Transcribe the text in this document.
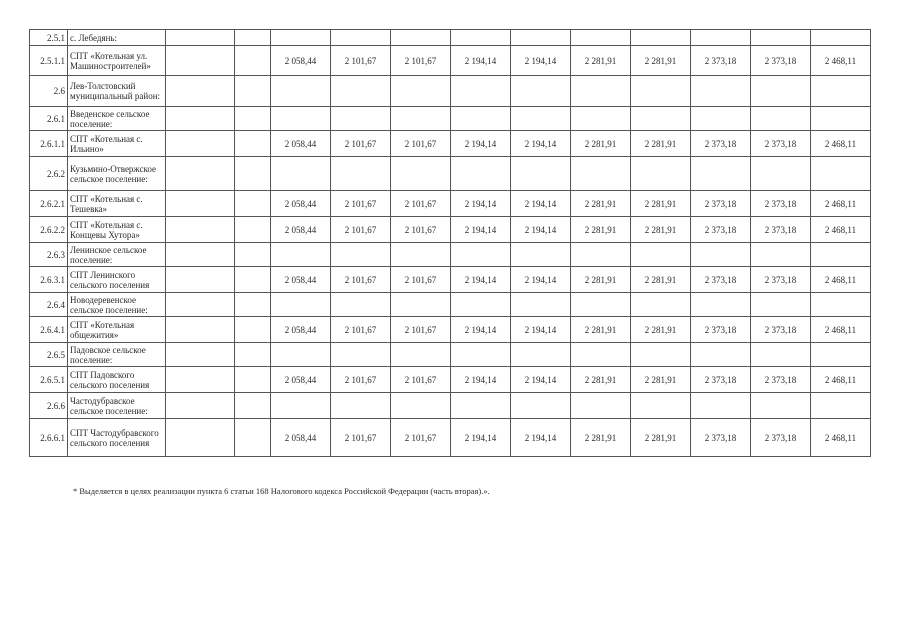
2.5.1	с. Лебедянь:												
2.5.1.1	СПТ «Котельная ул. Машиностроителей»			2 058,44	2 101,67	2 101,67	2 194,14	2 194,14	2 281,91	2 281,91	2 373,18	2 373,18	2 468,11
2.6	Лев-Толстовский муниципальный район:												
2.6.1	Введенское сельское поселение:												
2.6.1.1	СПТ «Котельная с. Ильино»			2 058,44	2 101,67	2 101,67	2 194,14	2 194,14	2 281,91	2 281,91	2 373,18	2 373,18	2 468,11
2.6.2	Кузьмино-Отвержское сельское поселение:												
2.6.2.1	СПТ «Котельная с. Тешевка»			2 058,44	2 101,67	2 101,67	2 194,14	2 194,14	2 281,91	2 281,91	2 373,18	2 373,18	2 468,11
2.6.2.2	СПТ «Котельная с. Конщевы Хутора»			2 058,44	2 101,67	2 101,67	2 194,14	2 194,14	2 281,91	2 281,91	2 373,18	2 373,18	2 468,11
2.6.3	Ленинское сельское поселение:												
2.6.3.1	СПТ Ленинского сельского поселения			2 058,44	2 101,67	2 101,67	2 194,14	2 194,14	2 281,91	2 281,91	2 373,18	2 373,18	2 468,11
2.6.4	Новодеревенское сельское поселение:												
2.6.4.1	СПТ «Котельная общежития»			2 058,44	2 101,67	2 101,67	2 194,14	2 194,14	2 281,91	2 281,91	2 373,18	2 373,18	2 468,11
2.6.5	Падовское сельское поселение:												
2.6.5.1	СПТ Падовского сельского поселения			2 058,44	2 101,67	2 101,67	2 194,14	2 194,14	2 281,91	2 281,91	2 373,18	2 373,18	2 468,11
2.6.6	Частодубравское сельское поселение:												
2.6.6.1	СПТ Частодубравского сельского поселения			2 058,44	2 101,67	2 101,67	2 194,14	2 194,14	2 281,91	2 281,91	2 373,18	2 373,18	2 468,11
* Выделяется в целях реализации пункта 6 статьи 168 Налогового кодекса Российской Федерации (часть вторая).».
